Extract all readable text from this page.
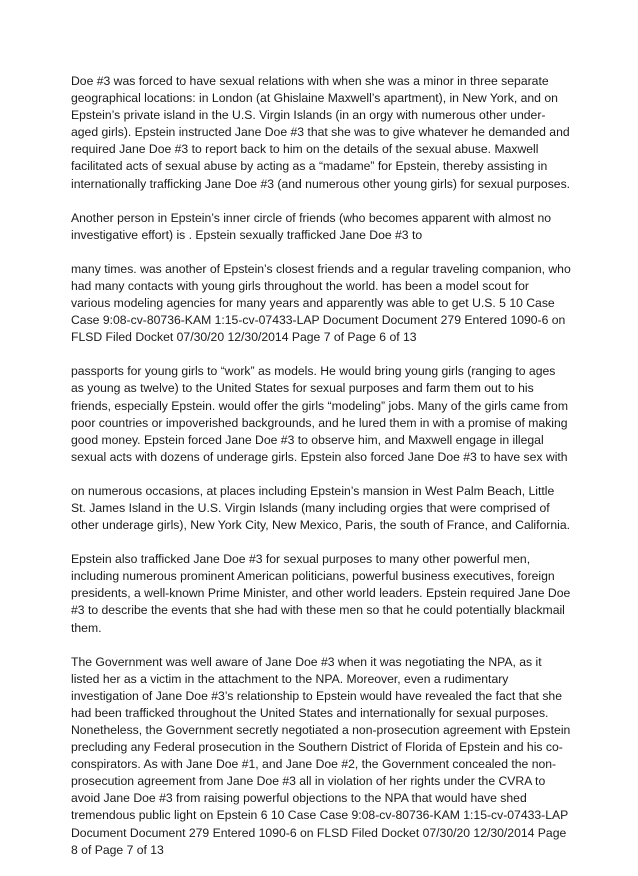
Doe #3 was forced to have sexual relations with when she was a minor in three separate geographical locations: in London (at Ghislaine Maxwell’s apartment), in New York, and on Epstein’s private island in the U.S. Virgin Islands (in an orgy with numerous other under-aged girls). Epstein instructed Jane Doe #3 that she was to give whatever he demanded and required Jane Doe #3 to report back to him on the details of the sexual abuse. Maxwell facilitated acts of sexual abuse by acting as a “madame” for Epstein, thereby assisting in internationally trafficking Jane Doe #3 (and numerous other young girls) for sexual purposes.

Another person in Epstein’s inner circle of friends (who becomes apparent with almost no investigative effort) is . Epstein sexually trafficked Jane Doe #3 to

many times. was another of Epstein’s closest friends and a regular traveling companion, who had many contacts with young girls throughout the world. has been a model scout for various modeling agencies for many years and apparently was able to get U.S. 5 10 Case Case 9:08-cv-80736-KAM 1:15-cv-07433-LAP Document Document 279 Entered 1090-6 on FLSD Filed Docket 07/30/20 12/30/2014 Page 7 of Page 6 of 13

passports for young girls to “work” as models. He would bring young girls (ranging to ages as young as twelve) to the United States for sexual purposes and farm them out to his friends, especially Epstein. would offer the girls “modeling” jobs. Many of the girls came from poor countries or impoverished backgrounds, and he lured them in with a promise of making good money. Epstein forced Jane Doe #3 to observe him, and Maxwell engage in illegal sexual acts with dozens of underage girls. Epstein also forced Jane Doe #3 to have sex with

on numerous occasions, at places including Epstein’s mansion in West Palm Beach, Little St. James Island in the U.S. Virgin Islands (many including orgies that were comprised of other underage girls), New York City, New Mexico, Paris, the south of France, and California.

Epstein also trafficked Jane Doe #3 for sexual purposes to many other powerful men, including numerous prominent American politicians, powerful business executives, foreign presidents, a well-known Prime Minister, and other world leaders. Epstein required Jane Doe #3 to describe the events that she had with these men so that he could potentially blackmail them.

The Government was well aware of Jane Doe #3 when it was negotiating the NPA, as it listed her as a victim in the attachment to the NPA. Moreover, even a rudimentary investigation of Jane Doe #3’s relationship to Epstein would have revealed the fact that she had been trafficked throughout the United States and internationally for sexual purposes. Nonetheless, the Government secretly negotiated a non-prosecution agreement with Epstein precluding any Federal prosecution in the Southern District of Florida of Epstein and his co-conspirators. As with Jane Doe #1, and Jane Doe #2, the Government concealed the non-prosecution agreement from Jane Doe #3 all in violation of her rights under the CVRA to avoid Jane Doe #3 from raising powerful objections to the NPA that would have shed tremendous public light on Epstein 6 10 Case Case 9:08-cv-80736-KAM 1:15-cv-07433-LAP Document Document 279 Entered 1090-6 on FLSD Filed Docket 07/30/20 12/30/2014 Page 8 of Page 7 of 13
